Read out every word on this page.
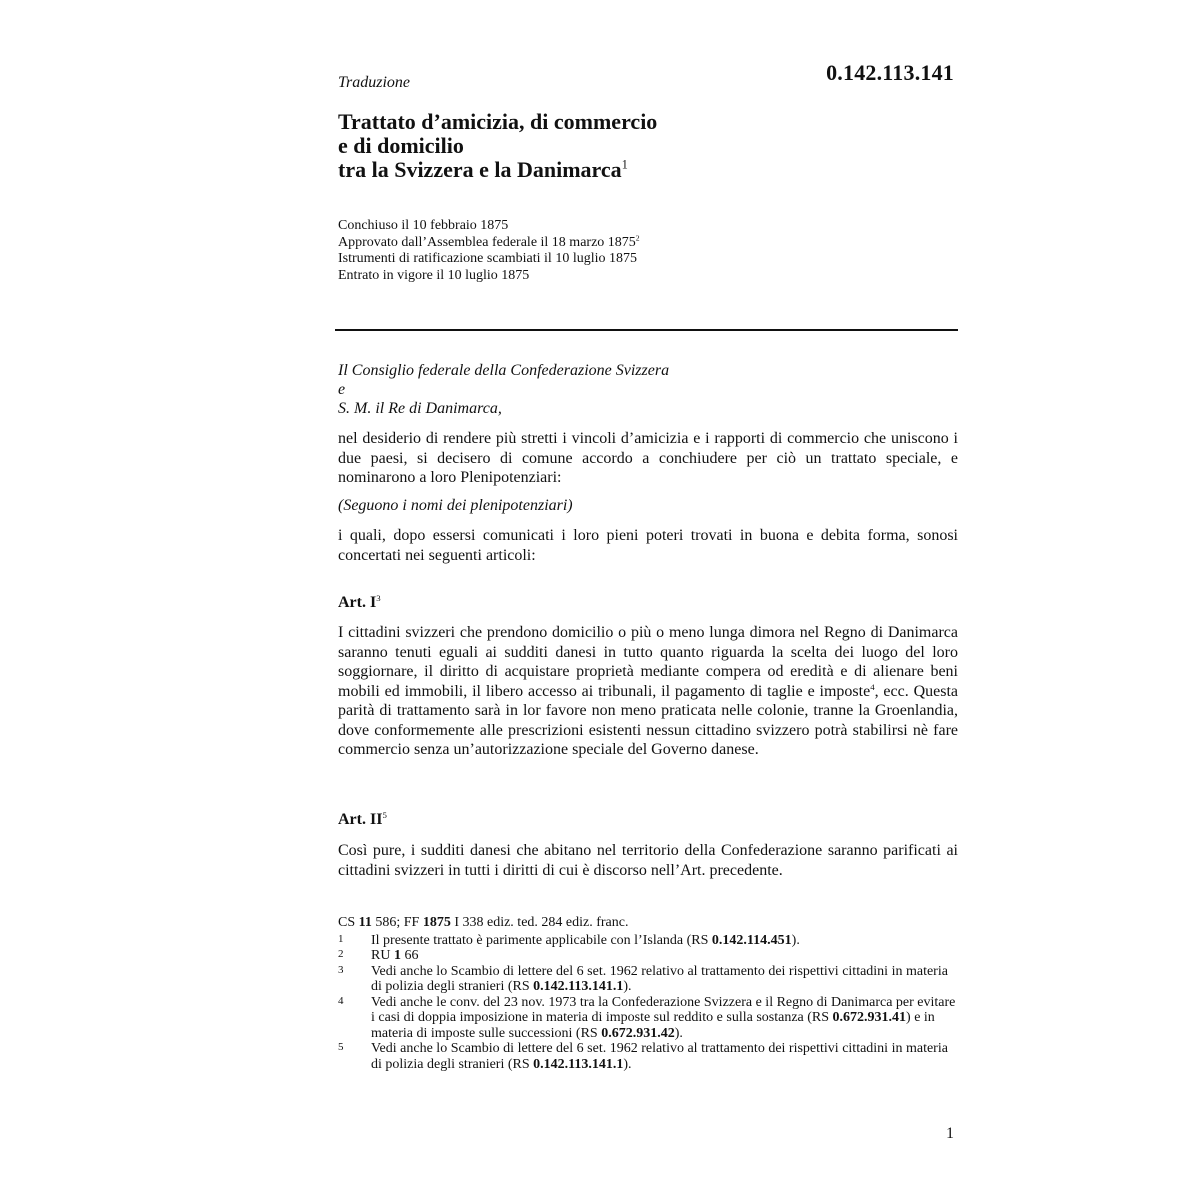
0.142.113.141
Traduzione
Trattato d’amicizia, di commercio
e di domicilio
tra la Svizzera e la Danimarca$^1$
Conchiuso il 10 febbraio 1875
Approvato dall’Assemblea federale il 18 marzo 1875$^2$
Istrumenti di ratificazione scambiati il 10 luglio 1875
Entrato in vigore il 10 luglio 1875
Il Consiglio federale della Confederazione Svizzera
e
S. M. il Re di Danimarca,

nel desiderio di rendere più stretti i vincoli d’amicizia e i rapporti di commercio che uniscono i due paesi, si decisero di comune accordo a conchiudere per ciò un trattato speciale, e nominarono a loro Plenipotenziari:

(Seguono i nomi dei plenipotenziari)

i quali, dopo essersi comunicati i loro pieni poteri trovati in buona e debita forma, sonosi concertati nei seguenti articoli:

Art. I$^3$

I cittadini svizzeri che prendono domicilio o più o meno lunga dimora nel Regno di Danimarca saranno tenuti eguali ai sudditi danesi in tutto quanto riguarda la scelta dei luogo del loro soggiornare, il diritto di acquistare proprietà mediante compera od eredità e di alienare beni mobili ed immobili, il libero accesso ai tribunali, il pagamento di taglie e imposte$^4$, ecc. Questa parità di trattamento sarà in lor favore non meno praticata nelle colonie, tranne la Groenlandia, dove conformemente alle prescrizioni esistenti nessun cittadino svizzero potrà stabilirsi nè fare commercio senza un’autorizzazione speciale del Governo danese.

Art. II$^5$

Così pure, i sudditi danesi che abitano nel territorio della Confederazione saranno parificati ai cittadini svizzeri in tutti i diritti di cui è discorso nell’Art. precedente.

CS 11 586; FF 1875 I 338 ediz. ted. 284 ediz. franc.
1	Il presente trattato è parimente applicabile con l’Islanda (RS 0.142.114.451).
2	RU 1 66
3	Vedi anche lo Scambio di lettere del 6 set. 1962 relativo al trattamento dei rispettivi cittadini in materia di polizia degli stranieri (RS 0.142.113.141.1).
4	Vedi anche le conv. del 23 nov. 1973 tra la Confederazione Svizzera e il Regno di Danimarca per evitare i casi di doppia imposizione in materia di imposte sul reddito e sulla sostanza (RS 0.672.931.41) e in materia di imposte sulle successioni (RS 0.672.931.42).
5	Vedi anche lo Scambio di lettere del 6 set. 1962 relativo al trattamento dei rispettivi cittadini in materia di polizia degli stranieri (RS 0.142.113.141.1).
1
